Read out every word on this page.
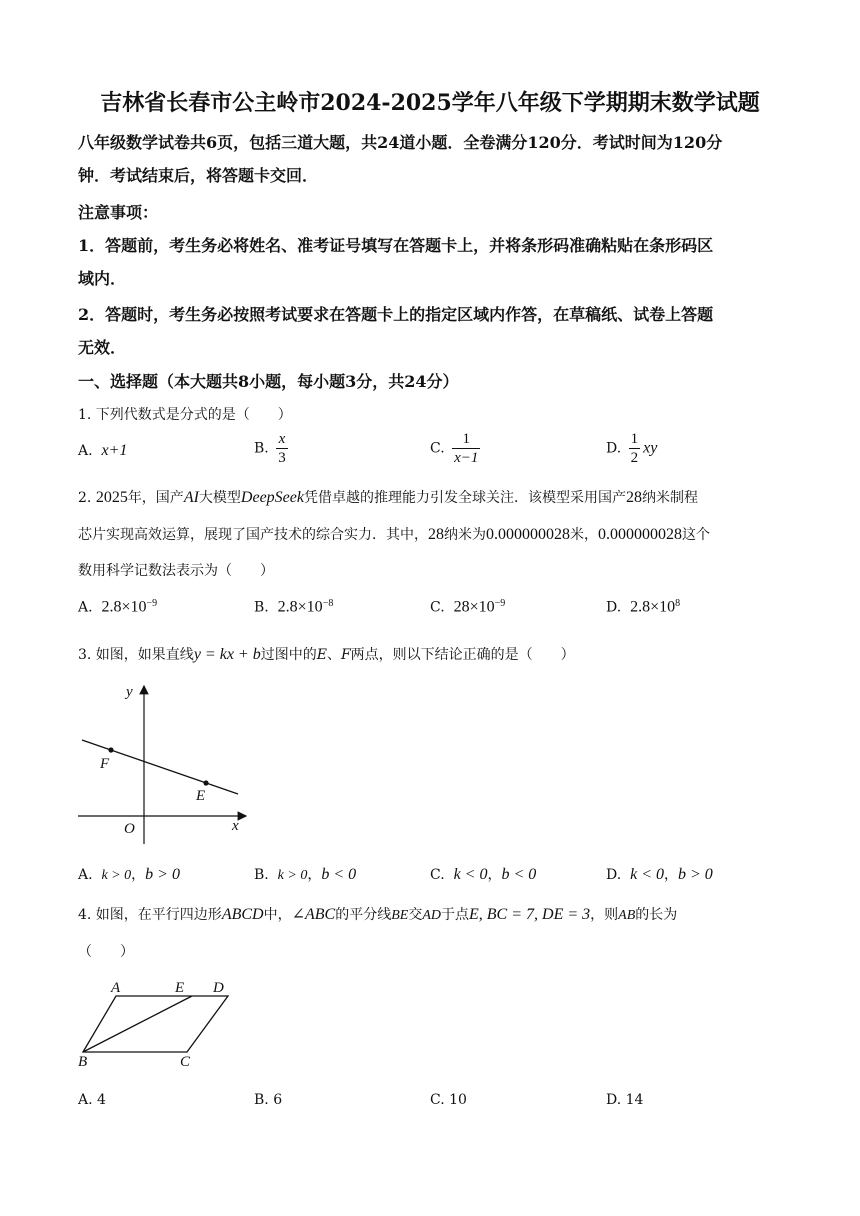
吉林省长春市公主岭市2024-2025学年八年级下学期期末数学试题
八年级数学试卷共6页，包括三道大题，共24道小题．全卷满分120分．考试时间为120分
钟．考试结束后，将答题卡交回．
注意事项：
1．答题前，考生务必将姓名、准考证号填写在答题卡上，并将条形码准确粘贴在条形码区
域内．
2．答题时，考生务必按照考试要求在答题卡上的指定区域内作答，在草稿纸、试卷上答题
无效．
一、选择题（本大题共8小题，每小题3分，共24分）
1. 下列代数式是分式的是（　　）
A. x+1	B. $\frac{x}{3}$	C. $\frac{1}{x-1}$	D. $\frac{1}{2}$ xy
2. 2025年，国产AI大模型DeepSeek凭借卓越的推理能力引发全球关注．该模型采用国产28纳米制程
芯片实现高效运算，展现了国产技术的综合实力．其中，28纳米为0.000000028米，0.000000028这个
数用科学记数法表示为（　　）
A. $2.8\times 10^{-9}$	B. $2.8\times 10^{-8}$	C. $28\times 10^{-9}$	D. $2.8\times 10^8$
3. 如图，如果直线y = kx + b过图中的E、F两点，则以下结论正确的是（　　）
y
x
O
F
E
A. k > 0，b > 0	B. k > 0，b < 0	C. k < 0，b < 0	D. k < 0，b > 0
4. 如图，在平行四边形ABCD中，∠ABC的平分线BE交AD于点E, BC = 7, DE = 3，则AB的长为
（　　）
A	E D
B	C
A. 4	B. 6	C. 10	D. 14
